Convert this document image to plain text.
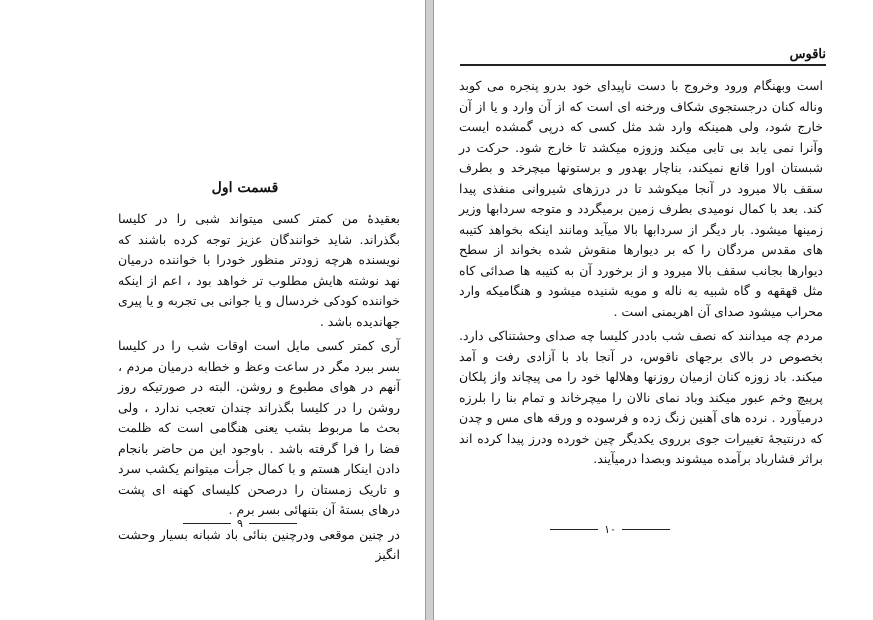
قسمت اول

بعقیدهٔ من کمتر کسی میتواند شبی را در کلیسا بگذراند. شاید خوانندگان عزیز توجه کرده باشند که نویسنده هرچه زودتر منظور خودرا با خواننده درمیان نهد نوشته هایش مطلوب تر خواهد بود ، اعم از اینکه خواننده کودکی خردسال و یا جوانی بی تجربه و یا پیری جهاندیده باشد .

آری کمتر کسی مایل است اوقات شب را در کلیسا بسر ببرد مگر در ساعت وعظ و خطابه درمیان مردم ، آنهم در هوای مطبوع و روشن. البته در صورتیکه روز روشن را در کلیسا بگذراند چندان تعجب ندارد ، ولی بحث ما مربوط بشب یعنی هنگامی است که ظلمت فضا را فرا گرفته باشد . باوجود این من حاضر بانجام دادن اینکار هستم و با کمال جرأت میتوانم یکشب سرد و تاریک زمستان را درصحن کلیسای کهنه ای پشت درهای بستهٔ آن بتنهائی بسر برم .

در چنین موقعی ودرچنین بنائی باد شبانه بسیار وحشت انگیز

۹
ناقوس

است وبهنگام ورود وخروج با دست ناپیدای خود بدرو پنجره می کوبد وناله کنان درجستجوی شکاف ورخنه ای است که از آن وارد و یا از آن خارج شود، ولی همینکه وارد شد مثل کسی که درپی گمشده ایست وآنرا نمی یابد بی تابی میکند وزوزه میکشد تا خارج شود. حرکت در شبستان اورا قانع نمیکند، بناچار بهدور و برستونها میچرخد و بطرف سقف بالا میرود در آنجا میکوشد تا در درزهای شیروانی منفذی پیدا کند. بعد با کمال نومیدی بطرف زمین برمیگردد و متوجه سردابها وزیر زمینها میشود. بار دیگر از سردابها بالا میآید ومانند اینکه بخواهد کتیبه های مقدس مردگان را که بر دیوارها منقوش شده بخواند از سطح دیوارها بجانب سقف بالا میرود و از برخورد آن به کتیبه ها صدائی کاه مثل قهقهه و گاه شبیه به ناله و مویه شنیده میشود و هنگامیکه وارد محراب میشود صدای آن اهریمنی است .

مردم چه میدانند که نصف شب باددر کلیسا چه صدای وحشتناکی دارد. بخصوص در بالای برجهای ناقوس، در آنجا باد با آزادی رفت و آمد میکند. باد زوزه کنان ازمیان روزنها وهلالها خود را می پیچاند واز پلکان پرپیچ وخم عبور میکند وباد نمای نالان را میچرخاند و تمام بنا را بلرزه درمیآورد . نرده های آهنین زنگ زده و فرسوده و ورقه های مس و چدن که درنتیجهٔ تغییرات جوی برروی یکدیگر چین خورده ودرز پیدا کرده اند براثر فشارباد برآمده میشوند وبصدا درمیآیند.

۱۰
